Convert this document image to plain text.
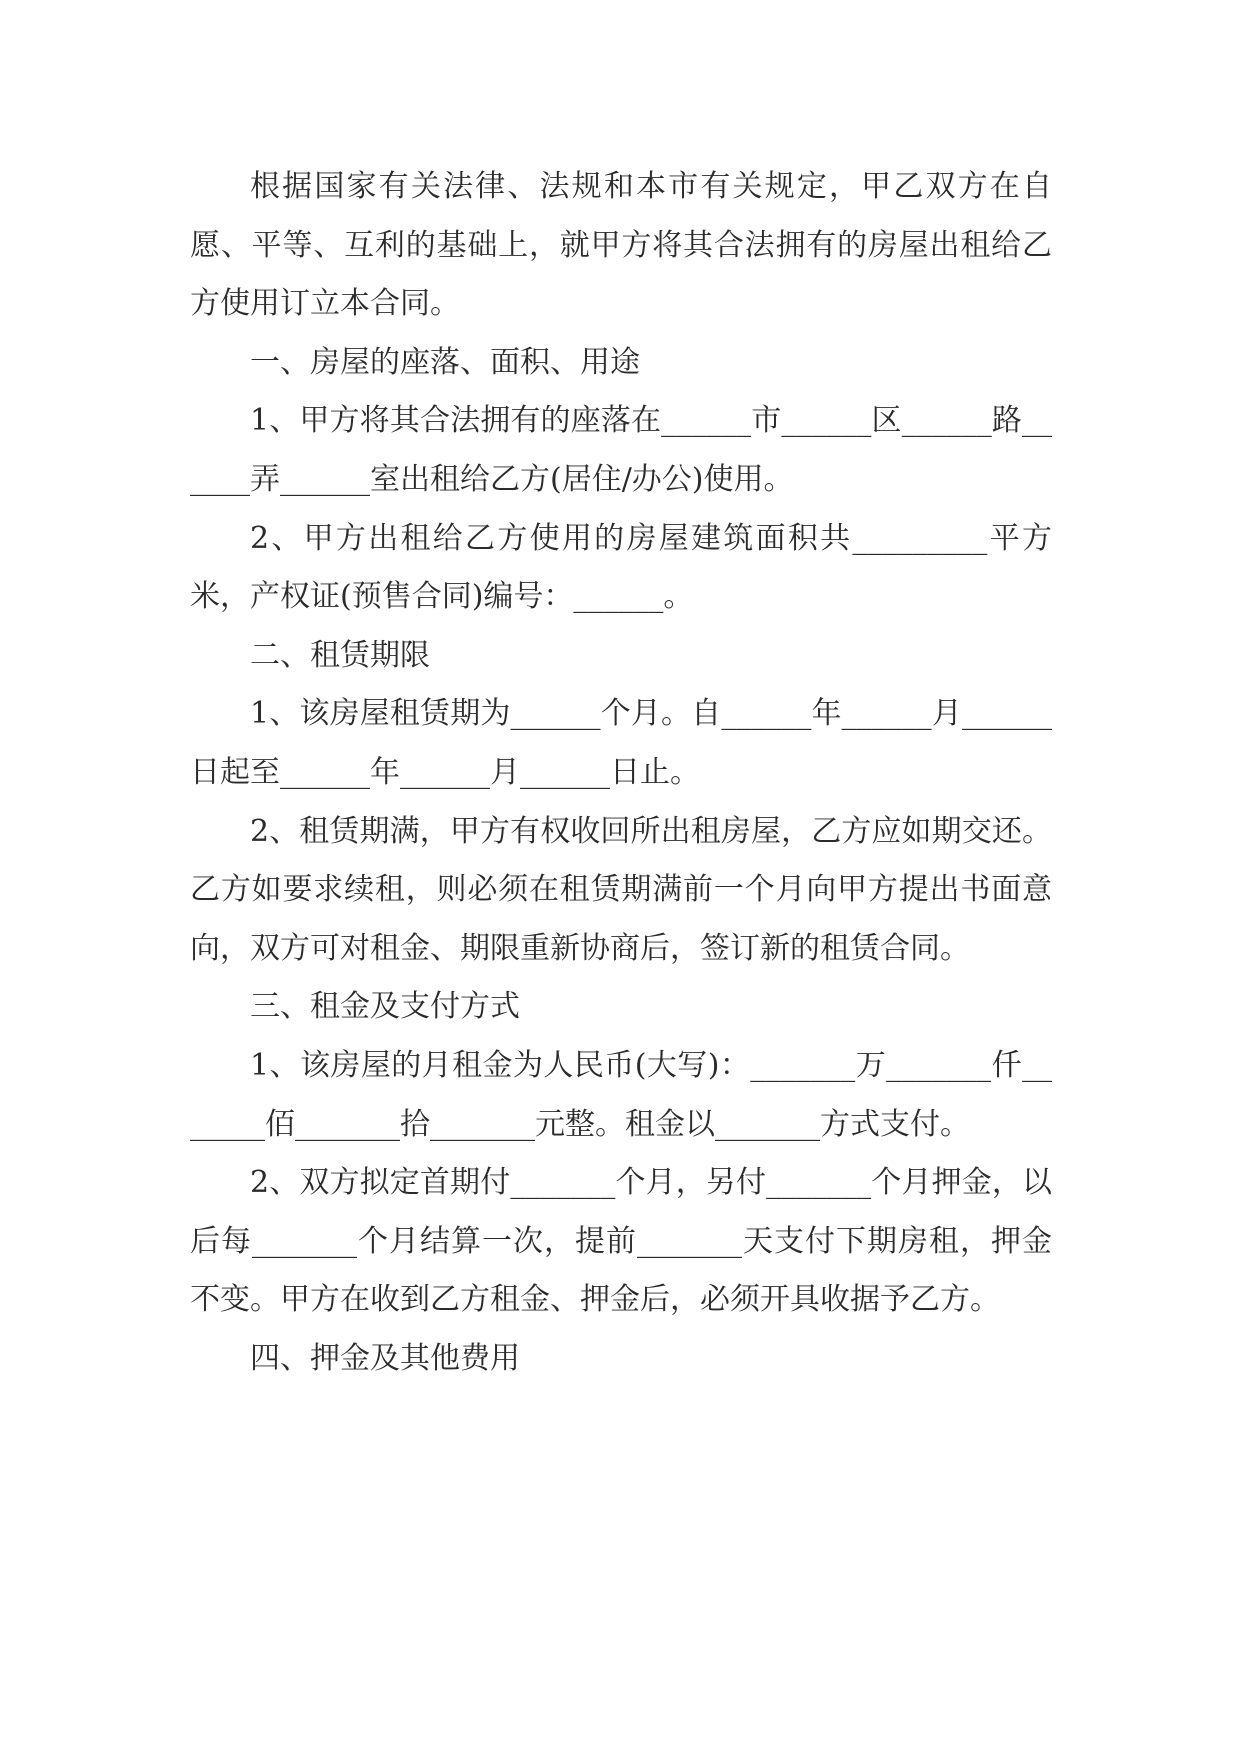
根据国家有关法律、法规和本市有关规定，甲乙双方在自愿、平等、互利的基础上，就甲方将其合法拥有的房屋出租给乙方使用订立本合同。

一、房屋的座落、面积、用途

1、甲方将其合法拥有的座落在______市______区______路______弄______室出租给乙方(居住/办公)使用。

2、甲方出租给乙方使用的房屋建筑面积共_________平方米，产权证(预售合同)编号：______。

二、租赁期限

1、该房屋租赁期为______个月。自______年______月______日起至______年______月______日止。

2、租赁期满，甲方有权收回所出租房屋，乙方应如期交还。乙方如要求续租，则必须在租赁期满前一个月向甲方提出书面意向，双方可对租金、期限重新协商后，签订新的租赁合同。

三、租金及支付方式

1、该房屋的月租金为人民币(大写)：_______万_______仟_______佰_______拾_______元整。租金以_______方式支付。

2、双方拟定首期付_______个月，另付_______个月押金，以后每_______个月结算一次，提前_______天支付下期房租，押金不变。甲方在收到乙方租金、押金后，必须开具收据予乙方。

四、押金及其他费用
